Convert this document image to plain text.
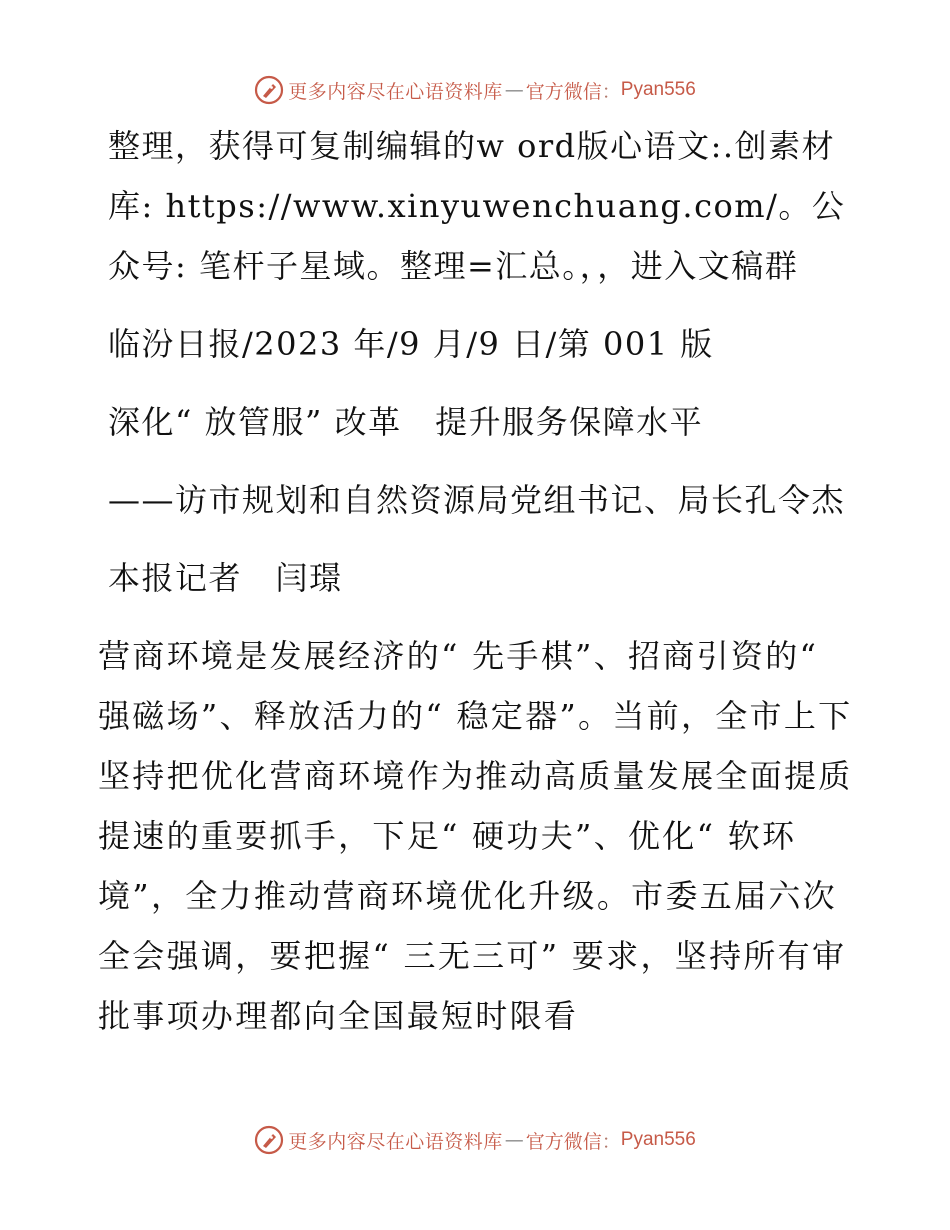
更多内容尽在心语资料库 — 官方微信 ： Pyan556

整理，获得可复制编辑的w ord版心语文:.创素材库: https://www.xinyuwenchuang.com/。公众号: 笔杆子星域。整理=汇总。，，进入文稿群

临汾日报/2023 年/9 月/9 日/第 001 版

深化“ 放管服” 改革　提升服务保障水平

——访市规划和自然资源局党组书记、局长孔令杰

本报记者　闫璟

营商环境是发展经济的“ 先手棋”、招商引资的“ 强磁场”、释放活力的“ 稳定器”。当前，全市上下坚持把优化营商环境作为推动高质量发展全面提质提速的重要抓手，下足“ 硬功夫”、优化“ 软环境”，全力推动营商环境优化升级。市委五届六次全会强调，要把握“ 三无三可” 要求，坚持所有审批事项办理都向全国最短时限看

更多内容尽在心语资料库 — 官方微信 ： Pyan556
